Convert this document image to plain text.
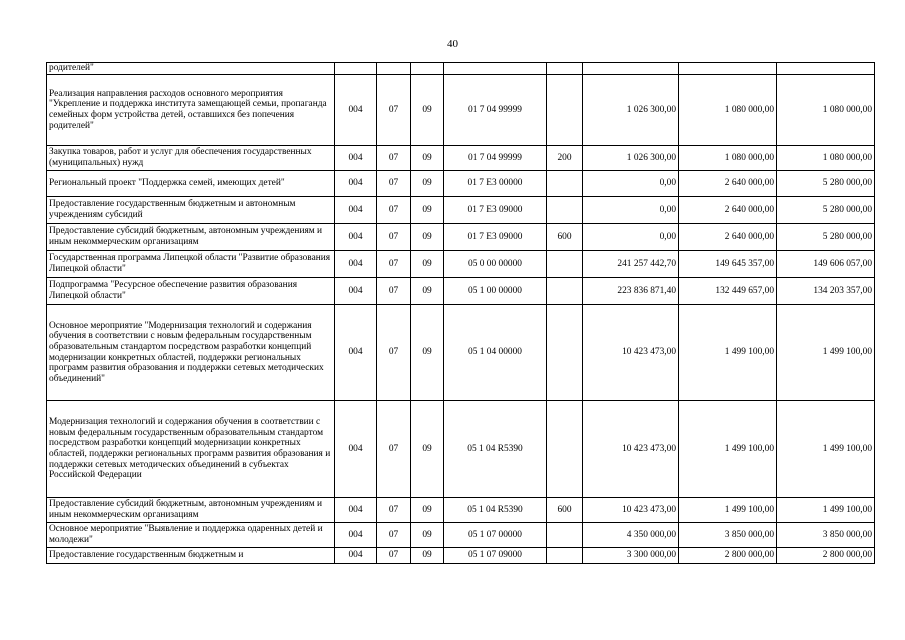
40
родителей"								
Реализация направления расходов основного мероприятия "Укрепление и поддержка института замещающей семьи, пропаганда семейных форм устройства детей, оставшихся без попечения родителей"	004	07	09	01 7 04 99999		1 026 300,00	1 080 000,00	1 080 000,00
Закупка товаров, работ и услуг для обеспечения государственных (муниципальных) нужд	004	07	09	01 7 04 99999	200	1 026 300,00	1 080 000,00	1 080 000,00
Региональный проект "Поддержка семей, имеющих детей"	004	07	09	01 7 E3 00000		0,00	2 640 000,00	5 280 000,00
Предоставление государственным бюджетным и автономным учреждениям субсидий	004	07	09	01 7 E3 09000		0,00	2 640 000,00	5 280 000,00
Предоставление субсидий бюджетным, автономным учреждениям и иным некоммерческим организациям	004	07	09	01 7 E3 09000	600	0,00	2 640 000,00	5 280 000,00
Государственная программа Липецкой области "Развитие образования Липецкой области"	004	07	09	05 0 00 00000		241 257 442,70	149 645 357,00	149 606 057,00
Подпрограмма "Ресурсное обеспечение развития образования Липецкой области"	004	07	09	05 1 00 00000		223 836 871,40	132 449 657,00	134 203 357,00
Основное мероприятие "Модернизация технологий и содержания обучения в соответствии с новым федеральным государственным образовательным стандартом посредством разработки концепций модернизации конкретных областей, поддержки региональных программ развития образования и поддержки сетевых методических объединений"	004	07	09	05 1 04 00000		10 423 473,00	1 499 100,00	1 499 100,00
Модернизация технологий и содержания обучения в соответствии с новым федеральным государственным образовательным стандартом посредством разработки концепций модернизации конкретных областей, поддержки региональных программ развития образования и поддержки сетевых методических объединений в субъектах Российской Федерации	004	07	09	05 1 04 R5390		10 423 473,00	1 499 100,00	1 499 100,00
Предоставление субсидий бюджетным, автономным учреждениям и иным некоммерческим организациям	004	07	09	05 1 04 R5390	600	10 423 473,00	1 499 100,00	1 499 100,00
Основное мероприятие "Выявление и поддержка одаренных детей и молодежи"	004	07	09	05 1 07 00000		4 350 000,00	3 850 000,00	3 850 000,00
Предоставление государственным бюджетным и	004	07	09	05 1 07 09000		3 300 000,00	2 800 000,00	2 800 000,00
